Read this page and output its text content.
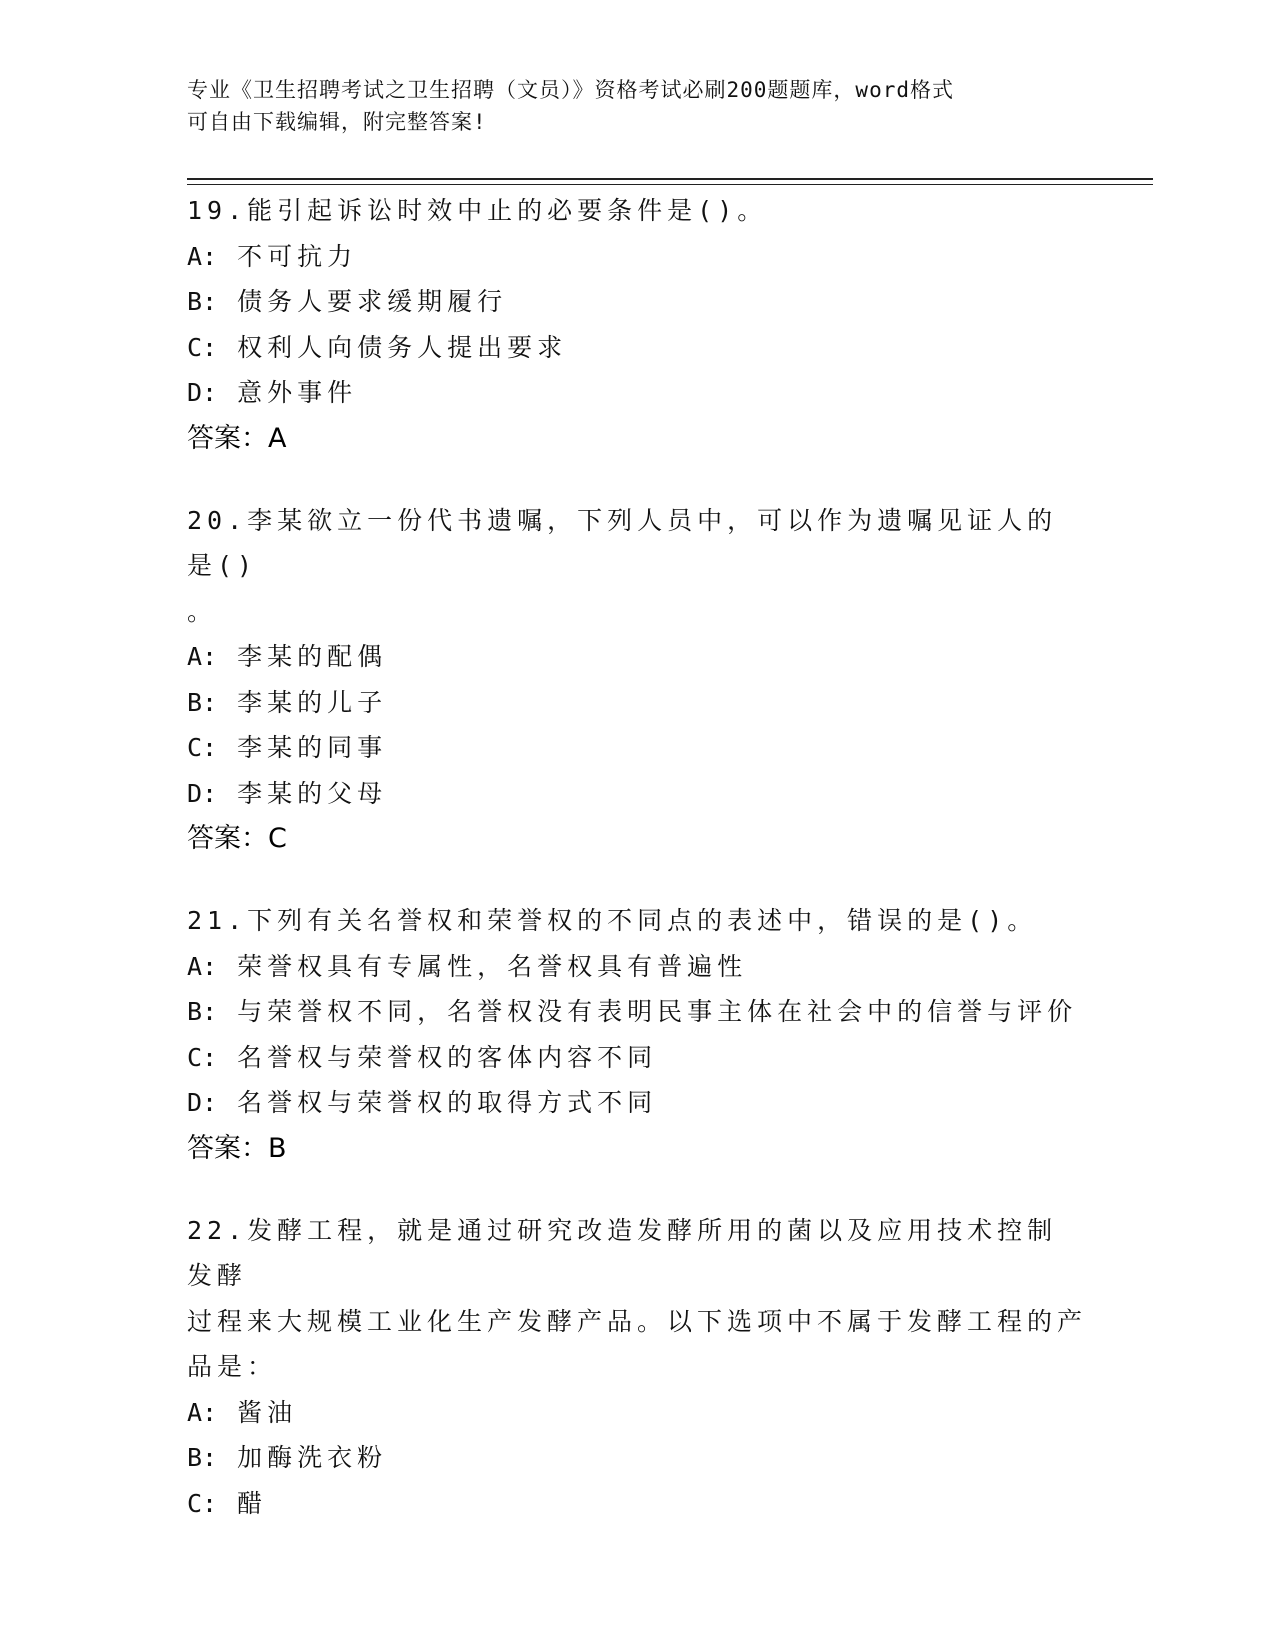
专业《卫生招聘考试之卫生招聘（文员）》资格考试必刷200题题库，word格式
可自由下载编辑，附完整答案!
19.能引起诉讼时效中止的必要条件是()。
A: 不可抗力
B: 债务人要求缓期履行
C: 权利人向债务人提出要求
D: 意外事件
答案：A
20.李某欲立一份代书遗嘱，下列人员中，可以作为遗嘱见证人的是()
。
A: 李某的配偶
B: 李某的儿子
C: 李某的同事
D: 李某的父母
答案：C
21.下列有关名誉权和荣誉权的不同点的表述中，错误的是()。
A: 荣誉权具有专属性，名誉权具有普遍性
B: 与荣誉权不同，名誉权没有表明民事主体在社会中的信誉与评价
C: 名誉权与荣誉权的客体内容不同
D: 名誉权与荣誉权的取得方式不同
答案：B
22.发酵工程，就是通过研究改造发酵所用的菌以及应用技术控制发酵
过程来大规模工业化生产发酵产品。以下选项中不属于发酵工程的产
品是：
A: 酱油
B: 加酶洗衣粉
C: 醋
